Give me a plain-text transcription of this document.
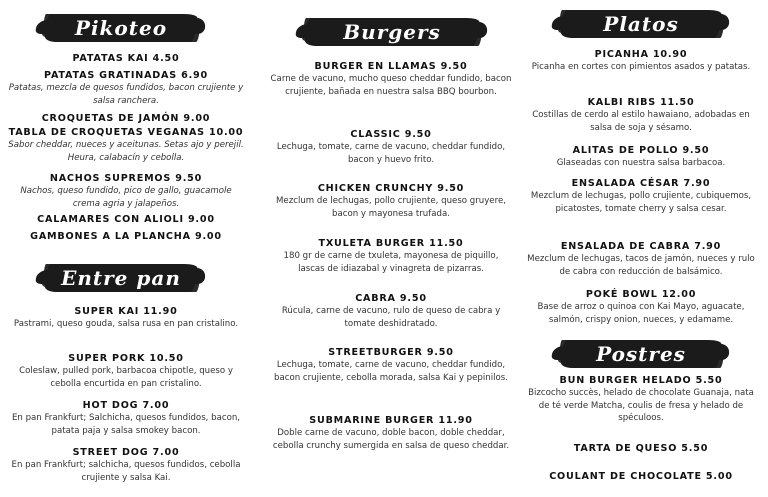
Pikoteo
PATATAS KAI 4.50
PATATAS GRATINADAS 6.90
Patatas, mezcla de quesos fundidos, bacon crujiente y salsa ranchera.
CROQUETAS DE JAMÓN 9.00
TABLA DE CROQUETAS VEGANAS 10.00
Sabor cheddar, nueces y aceitunas. Setas ajo y perejil. Heura, calabacín y cebolla.
NACHOS SUPREMOS 9.50
Nachos, queso fundido, pico de gallo, guacamole crema agria y jalapeños.
CALAMARES CON ALIOLI 9.00
GAMBONES A LA PLANCHA 9.00
Entre pan
SUPER KAI 11.90
Pastrami, queso gouda, salsa rusa en pan cristalino.
SUPER PORK 10.50
Coleslaw, pulled pork, barbacoa chipotle, queso y cebolla encurtida en pan cristalino.
HOT DOG 7.00
En pan Frankfurt; Salchicha, quesos fundidos, bacon, patata paja y salsa smokey bacon.
STREET DOG 7.00
En pan Frankfurt; salchicha, quesos fundidos, cebolla crujiente y salsa Kai.
Burgers
BURGER EN LLAMAS 9.50
Carne de vacuno, mucho queso cheddar fundido, bacon crujiente, bañada en nuestra salsa BBQ bourbon.
CLASSIC 9.50
Lechuga, tomate, carne de vacuno, cheddar fundido, bacon y huevo frito.
CHICKEN CRUNCHY 9.50
Mezclum de lechugas, pollo crujiente, queso gruyere, bacon y mayonesa trufada.
TXULETA BURGER 11.50
180 gr de carne de txuleta, mayonesa de piquillo, lascas de idiazabal y vinagreta de pizarras.
CABRA 9.50
Rúcula, carne de vacuno, rulo de queso de cabra y tomate deshidratado.
STREETBURGER 9.50
Lechuga, tomate, carne de vacuno, cheddar fundido, bacon crujiente, cebolla morada, salsa Kai y pepinilos.
SUBMARINE BURGER 11.90
Doble carne de vacuno, doble bacon, doble cheddar, cebolla crunchy sumergida en salsa de queso cheddar.
Platos
PICANHA 10.90
Picanha en cortes con pimientos asados y patatas.
KALBI RIBS 11.50
Costillas de cerdo al estilo hawaiano, adobadas en salsa de soja y sésamo.
ALITAS DE POLLO 9.50
Glaseadas con nuestra salsa barbacoa.
ENSALADA CÉSAR 7.90
Mezclum de lechugas, pollo crujiente, cubiquemos, picatostes, tomate cherry y salsa cesar.
ENSALADA DE CABRA 7.90
Mezclum de lechugas, tacos de jamón, nueces y rulo de cabra con reducción de balsámico.
POKÉ BOWL 12.00
Base de arroz o quinoa con Kai Mayo, aguacate, salmón, crispy onion, nueces, y edamame.
Postres
BUN BURGER HELADO 5.50
Bizcocho succès, helado de chocolate Guanaja, nata de té verde Matcha, coulis de fresa y helado de spéculoos.
TARTA DE QUESO 5.50
COULANT DE CHOCOLATE 5.00
